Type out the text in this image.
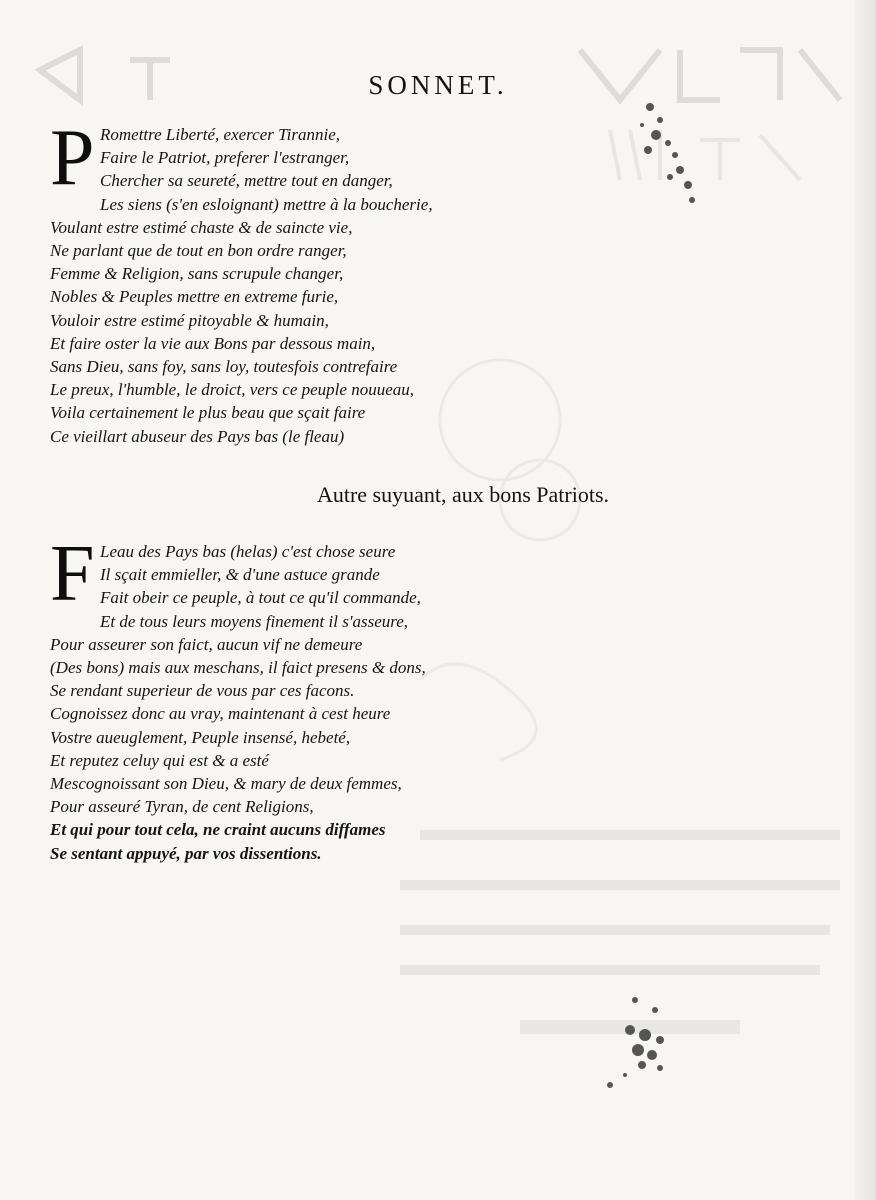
SONNET.
P Romettre Liberté, exercer Tirannie,
Faire le Patriot, preferer l'estranger,
Chercher sa seureté, mettre tout en danger,
Les siens (s'en esloignant) mettre à la boucherie,
Voulant estre estimé chaste & de saincte vie,
Ne parlant que de tout en bon ordre ranger,
Femme & Religion, sans scrupule changer,
Nobles & Peuples mettre en extreme furie,
Vouloir estre estimé pitoyable & humain,
Et faire oster la vie aux Bons par dessous main,
Sans Dieu, sans foy, sans loy, toutesfois contrefaire
Le preux, l'humble, le droict, vers ce peuple nouueau,
Voila certainement le plus beau que sçait faire
Ce vieillart abuseur des Pays bas (le fleau)
Autre suyuant, aux bons Patriots.
F Leau des Pays bas (helas) c'est chose seure
Il sçait emmieller, & d'une astuce grande
Fait obeir ce peuple, à tout ce qu'il commande,
Et de tous leurs moyens finement il s'asseure,
Pour asseurer son faict, aucun vif ne demeure
(Des bons) mais aux meschans, il faict presens & dons,
Se rendant superieur de vous par ces facons.
Cognoissez donc au vray, maintenant à cest heure
Vostre aueuglement, Peuple insensé, hebeté,
Et reputez celuy qui est & a esté
Mescognoissant son Dieu, & mary de deux femmes,
Pour asseuré Tyran, de cent Religions,
Et qui pour tout cela, ne craint aucuns diffames
Se sentant appuyé, par vos dissentions.
